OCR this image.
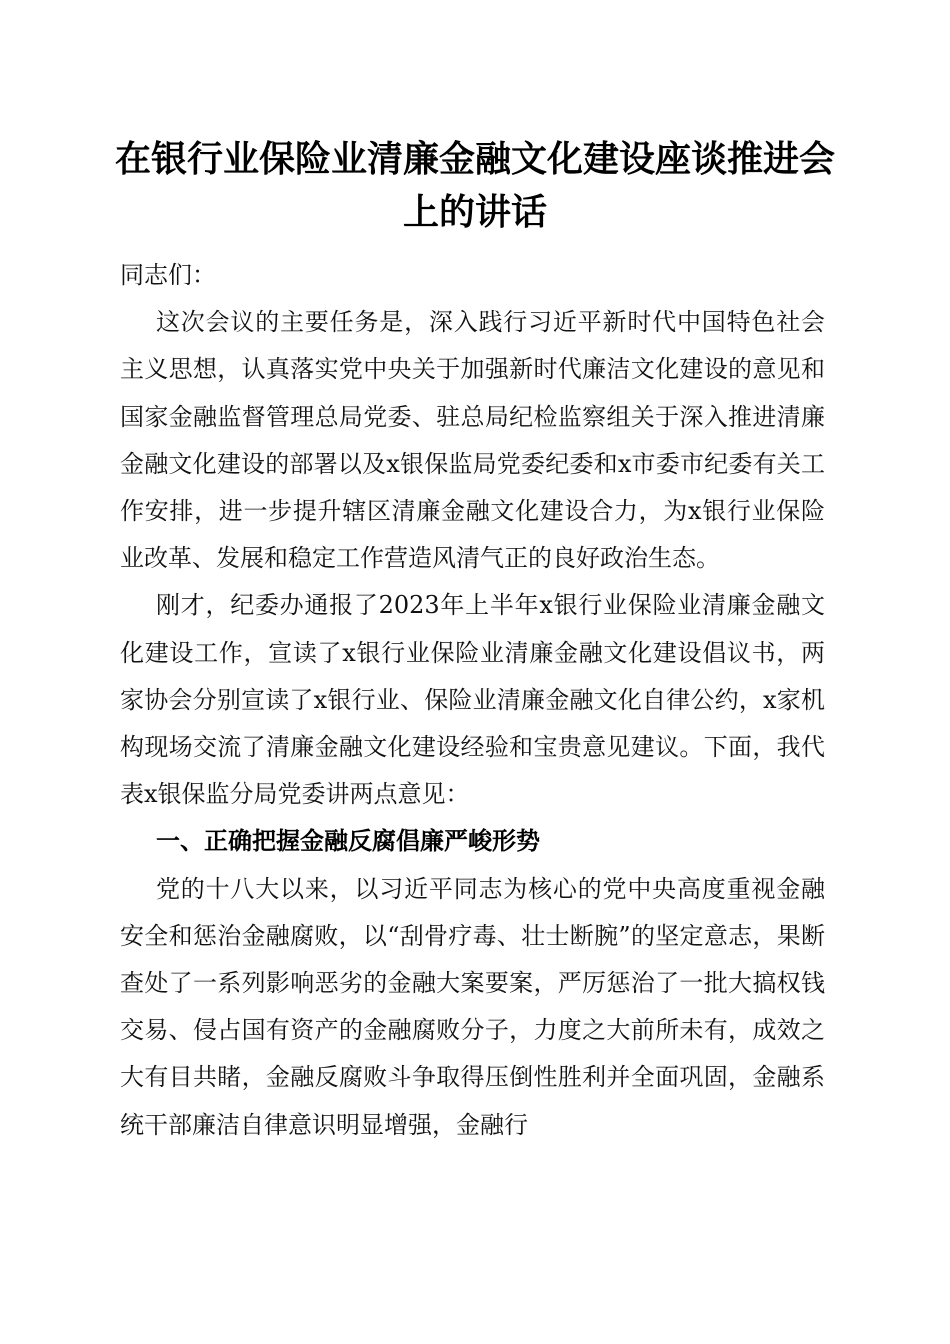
在银行业保险业清廉金融文化建设座谈推进会上的讲话

同志们：

这次会议的主要任务是，深入践行习近平新时代中国特色社会主义思想，认真落实党中央关于加强新时代廉洁文化建设的意见和国家金融监督管理总局党委、驻总局纪检监察组关于深入推进清廉金融文化建设的部署以及x银保监局党委纪委和x市委市纪委有关工作安排，进一步提升辖区清廉金融文化建设合力，为x银行业保险业改革、发展和稳定工作营造风清气正的良好政治生态。

刚才，纪委办通报了2023年上半年x银行业保险业清廉金融文化建设工作，宣读了x银行业保险业清廉金融文化建设倡议书，两家协会分别宣读了x银行业、保险业清廉金融文化自律公约，x家机构现场交流了清廉金融文化建设经验和宝贵意见建议。下面，我代表x银保监分局党委讲两点意见：

一、正确把握金融反腐倡廉严峻形势

党的十八大以来，以习近平同志为核心的党中央高度重视金融安全和惩治金融腐败，以“刮骨疗毒、壮士断腕”的坚定意志，果断查处了一系列影响恶劣的金融大案要案，严厉惩治了一批大搞权钱交易、侵占国有资产的金融腐败分子，力度之大前所未有，成效之大有目共睹，金融反腐败斗争取得压倒性胜利并全面巩固，金融系统干部廉洁自律意识明显增强，金融行
